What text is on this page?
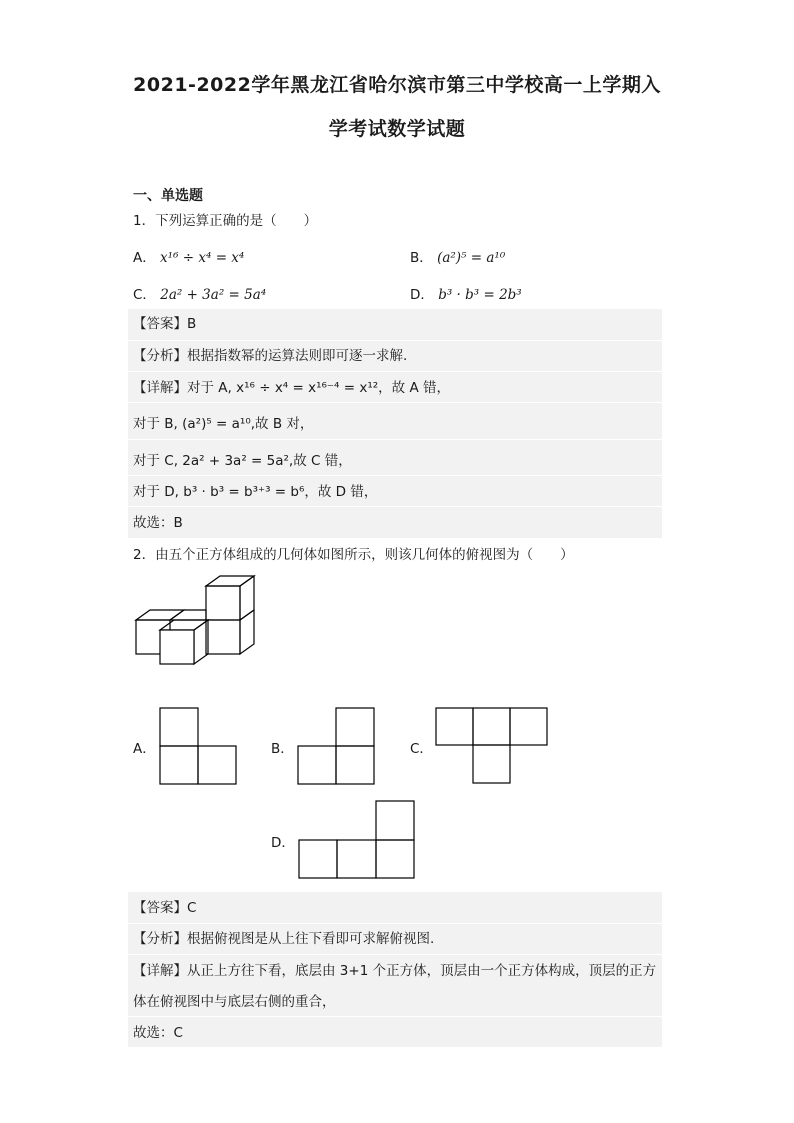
2021-2022学年黑龙江省哈尔滨市第三中学校高一上学期入
学考试数学试题
一、单选题
1．下列运算正确的是（　　）
A． x¹⁶ ÷ x⁴ = x⁴	B． (a²)⁵ = a¹⁰
C． 2a² + 3a² = 5a⁴	D． b³ · b³ = 2b³
【答案】B
【分析】根据指数幂的运算法则即可逐一求解.
【详解】对于 A, x¹⁶ ÷ x⁴ = x¹⁶⁻⁴ = x¹²，故 A 错，
对于 B, (a²)⁵ = a¹⁰,故 B 对，
对于 C, 2a² + 3a² = 5a²,故 C 错，
对于 D, b³ · b³ = b³⁺³ = b⁶，故 D 错，
故选：B
2．由五个正方体组成的几何体如图所示，则该几何体的俯视图为（　　）
A．	B．	C．
D．
【答案】C
【分析】根据俯视图是从上往下看即可求解俯视图.
【详解】从正上方往下看，底层由 3+1 个正方体，顶层由一个正方体构成，顶层的正方
体在俯视图中与底层右侧的重合，
故选：C
